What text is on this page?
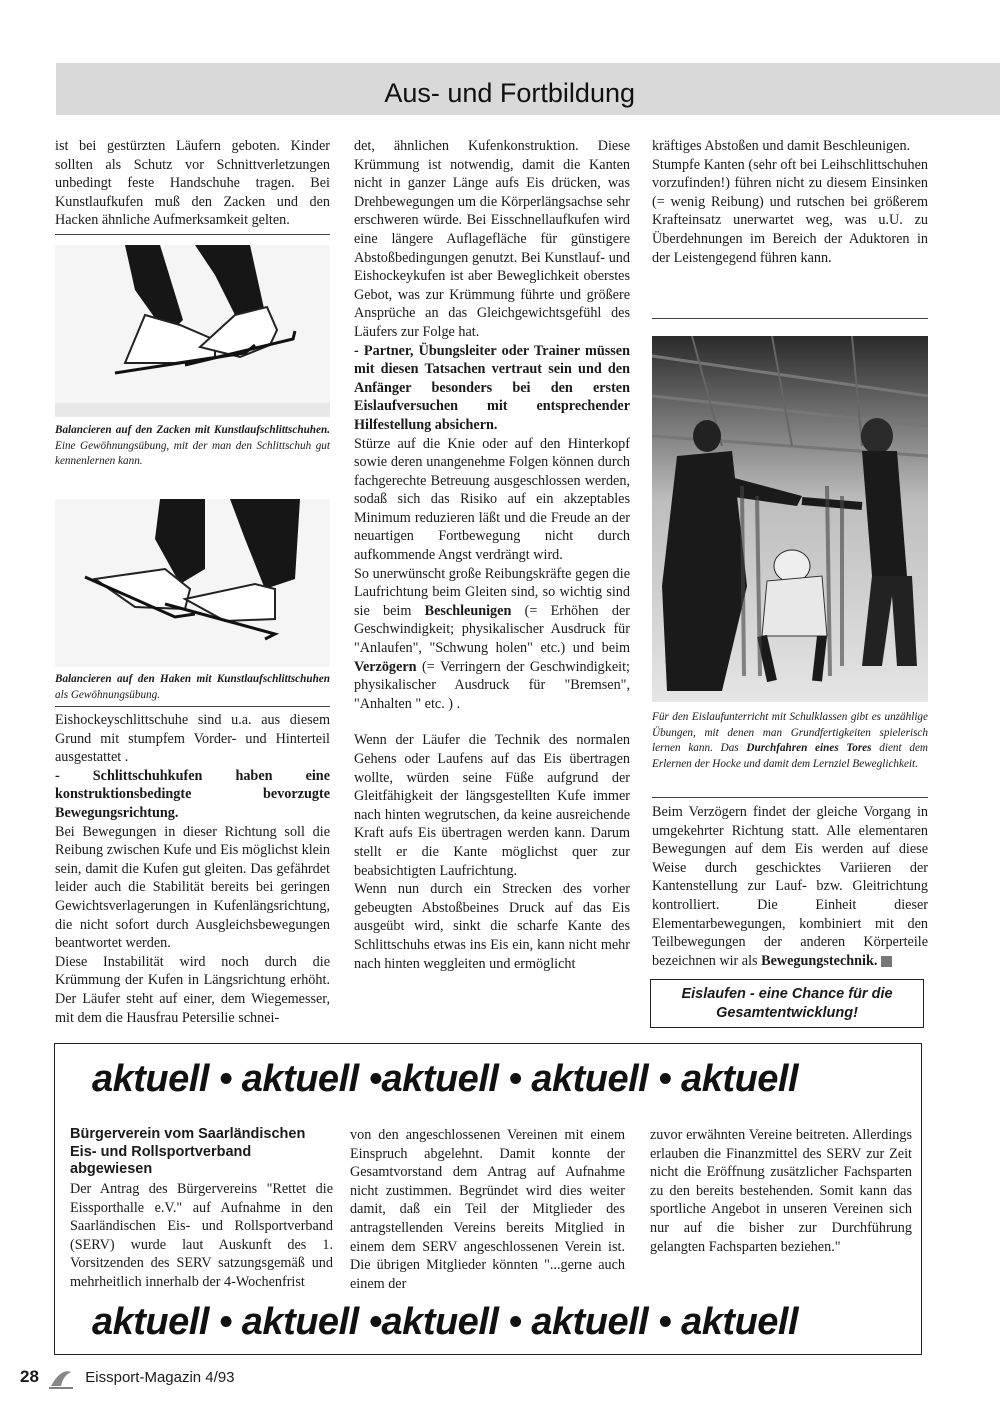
Aus- und Fortbildung

ist bei gestürzten Läufern geboten. Kinder sollten als Schutz vor Schnittverletzungen unbedingt feste Handschuhe tragen. Bei Kunstlaufkufen muß den Zacken und den Hacken ähnliche Aufmerksamkeit gelten.

Balancieren auf den Zacken mit Kunstlaufschlittschuhen. Eine Gewöhnungsübung, mit der man den Schlittschuh gut kennenlernen kann.
Balancieren auf den Haken mit Kunstlaufschlittschuhen als Gewöhnungsübung.

Eishockeyschlittschuhe sind u.a. aus diesem Grund mit stumpfem Vorder- und Hinterteil ausgestattet .

- Schlittschuhkufen haben eine konstruktionsbedingte bevorzugte Bewegungsrichtung.

Bei Bewegungen in dieser Richtung soll die Reibung zwischen Kufe und Eis möglichst klein sein, damit die Kufen gut gleiten. Das gefährdet leider auch die Stabilität bereits bei geringen Gewichtsverlagerungen in Kufenlängsrichtung, die nicht sofort durch Ausgleichsbewegungen beantwortet werden.

Diese Instabilität wird noch durch die Krümmung der Kufen in Längsrichtung erhöht. Der Läufer steht auf einer, dem Wiegemesser, mit dem die Hausfrau Petersilie schnei-

det, ähnlichen Kufenkonstruktion. Diese Krümmung ist notwendig, damit die Kanten nicht in ganzer Länge aufs Eis drücken, was Drehbewegungen um die Körperlängsachse sehr erschweren würde. Bei Eisschnellaufkufen wird eine längere Auflagefläche für günstigere Abstoßbedingungen genutzt. Bei Kunstlauf- und Eishockeykufen ist aber Beweglichkeit oberstes Gebot, was zur Krümmung führte und größere Ansprüche an das Gleichgewichtsgefühl des Läufers zur Folge hat.

- Partner, Übungsleiter oder Trainer müssen mit diesen Tatsachen vertraut sein und den Anfänger besonders bei den ersten Eislaufversuchen mit entsprechender Hilfestellung absichern.

Stürze auf die Knie oder auf den Hinterkopf sowie deren unangenehme Folgen können durch fachgerechte Betreuung ausgeschlossen werden, sodaß sich das Risiko auf ein akzeptables Minimum reduzieren läßt und die Freude an der neuartigen Fortbewegung nicht durch aufkommende Angst verdrängt wird.

So unerwünscht große Reibungskräfte gegen die Laufrichtung beim Gleiten sind, so wichtig sind sie beim Beschleunigen (= Erhöhen der Geschwindigkeit; physikalischer Ausdruck für "Anlaufen", "Schwung holen" etc.) und beim Verzögern (= Verringern der Geschwindigkeit; physikalischer Ausdruck für "Bremsen", "Anhalten " etc. ) .

Wenn der Läufer die Technik des normalen Gehens oder Laufens auf das Eis übertragen wollte, würden seine Füße aufgrund der Gleitfähigkeit der längsgestellten Kufe immer nach hinten wegrutschen, da keine ausreichende Kraft aufs Eis übertragen werden kann. Darum stellt er die Kante möglichst quer zur beabsichtigten Laufrichtung.

Wenn nun durch ein Strecken des vorher gebeugten Abstoßbeines Druck auf das Eis ausgeübt wird, sinkt die scharfe Kante des Schlittschuhs etwas ins Eis ein, kann nicht mehr nach hinten weggleiten und ermöglicht

kräftiges Abstoßen und damit Beschleunigen.

Stumpfe Kanten (sehr oft bei Leihschlittschuhen vorzufinden!) führen nicht zu diesem Einsinken (= wenig Reibung) und rutschen bei größerem Krafteinsatz unerwartet weg, was u.U. zu Überdehnungen im Bereich der Aduktoren in der Leistengegend führen kann.

Für den Eislaufunterricht mit Schulklassen gibt es unzählige Übungen, mit denen man Grundfertigkeiten spielerisch lernen kann. Das Durchfahren eines Tores dient dem Erlernen der Hocke und damit dem Lernziel Beweglichkeit.

Beim Verzögern findet der gleiche Vorgang in umgekehrter Richtung statt. Alle elementaren Bewegungen auf dem Eis werden auf diese Weise durch geschicktes Variieren der Kantenstellung zur Lauf- bzw. Gleitrichtung kontrolliert. Die Einheit dieser Elementarbewegungen, kombiniert mit den Teilbewegungen der anderen Körperteile bezeichnen wir als Bewegungstechnik.

Eislaufen - eine Chance für die Gesamtentwicklung!
aktuell • aktuell •aktuell • aktuell • aktuell
Bürgerverein vom Saarländischen Eis- und Rollsportverband abgewiesen
Der Antrag des Bürgervereins "Rettet die Eissporthalle e.V." auf Aufnahme in den Saarländischen Eis- und Rollsportverband (SERV) wurde laut Auskunft des 1. Vorsitzenden des SERV satzungsgemäß und mehrheitlich innerhalb der 4-Wochenfrist
von den angeschlossenen Vereinen mit einem Einspruch abgelehnt. Damit konnte der Gesamtvorstand dem Antrag auf Aufnahme nicht zustimmen. Begründet wird dies weiter damit, daß ein Teil der Mitglieder des antragstellenden Vereins bereits Mitglied in einem dem SERV angeschlossenen Verein ist. Die übrigen Mitglieder könnten "...gerne auch einem der
zuvor erwähnten Vereine beitreten. Allerdings erlauben die Finanzmittel des SERV zur Zeit nicht die Eröffnung zusätzlicher Fachsparten zu den bereits bestehenden. Somit kann das sportliche Angebot in unseren Vereinen sich nur auf die bisher zur Durchführung gelangten Fachsparten beziehen."
aktuell • aktuell •aktuell • aktuell • aktuell
28	Eissport-Magazin 4/93
